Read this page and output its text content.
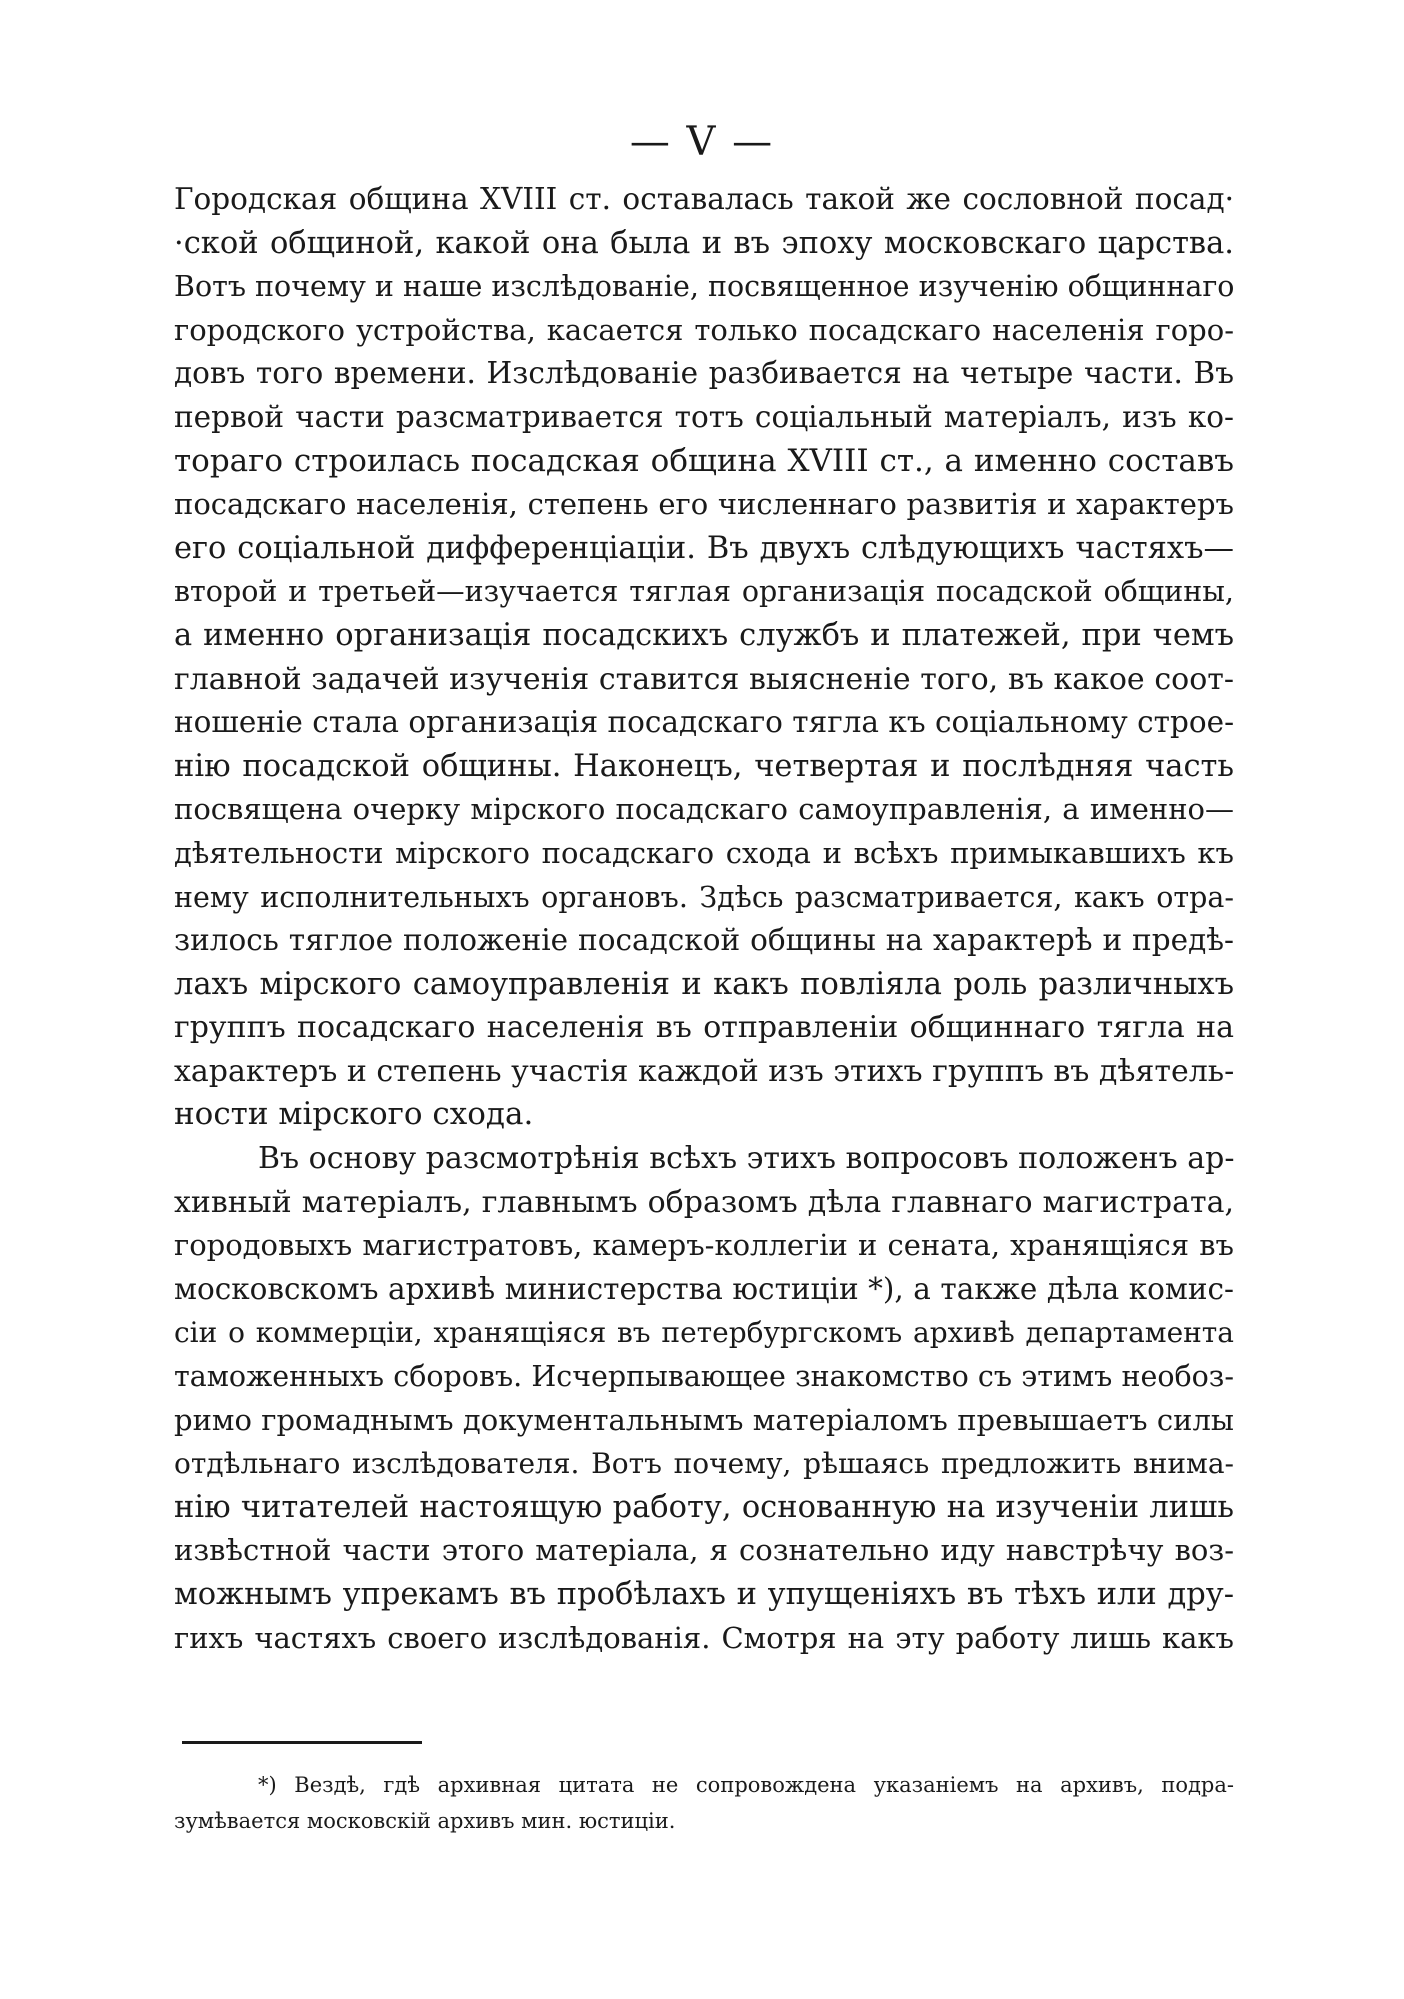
— V —
Городская община XVIII ст. оставалась такой же сословной посад·
·ской общиной, какой она была и въ эпоху московскаго царства.
Вотъ почему и наше изслѣдованіе, посвященное изученію общиннаго
городского устройства, касается только посадскаго населенія горо-
довъ того времени. Изслѣдованіе разбивается на четыре части. Въ
первой части разсматривается тотъ соціальный матеріалъ, изъ ко-
тораго строилась посадская община XVIII ст., а именно составъ
посадскаго населенія, степень его численнаго развитія и характеръ
его соціальной дифференціаціи. Въ двухъ слѣдующихъ частяхъ—
второй и третьей—изучается тяглая организація посадской общины,
а именно организація посадскихъ службъ и платежей, при чемъ
главной задачей изученія ставится выясненіе того, въ какое соот-
ношеніе стала организація посадскаго тягла къ соціальному строе-
нію посадской общины. Наконецъ, четвертая и послѣдняя часть
посвящена очерку мірского посадскаго самоуправленія, а именно—
дѣятельности мірского посадскаго схода и всѣхъ примыкавшихъ къ
нему исполнительныхъ органовъ. Здѣсь разсматривается, какъ отра-
зилось тяглое положеніе посадской общины на характерѣ и предѣ-
лахъ мірского самоуправленія и какъ повліяла роль различныхъ
группъ посадскаго населенія въ отправленіи общиннаго тягла на
характеръ и степень участія каждой изъ этихъ группъ въ дѣятель-
ности мірского схода.
Въ основу разсмотрѣнія всѣхъ этихъ вопросовъ положенъ ар-
хивный матеріалъ, главнымъ образомъ дѣла главнаго магистрата,
городовыхъ магистратовъ, камеръ-коллегіи и сената, хранящіяся въ
московскомъ архивѣ министерства юстиціи *), а также дѣла комис-
сіи о коммерціи, хранящіяся въ петербургскомъ архивѣ департамента
таможенныхъ сборовъ. Исчерпывающее знакомство съ этимъ необоз-
римо громаднымъ документальнымъ матеріаломъ превышаетъ силы
отдѣльнаго изслѣдователя. Вотъ почему, рѣшаясь предложить внима-
нію читателей настоящую работу, основанную на изученіи лишь
извѣстной части этого матеріала, я сознательно иду навстрѣчу воз-
можнымъ упрекамъ въ пробѣлахъ и упущеніяхъ въ тѣхъ или дру-
гихъ частяхъ своего изслѣдованія. Смотря на эту работу лишь какъ
*) Вездѣ, гдѣ архивная цитата не сопровождена указаніемъ на архивъ, подра-
зумѣвается московскій архивъ мин. юстиціи.
